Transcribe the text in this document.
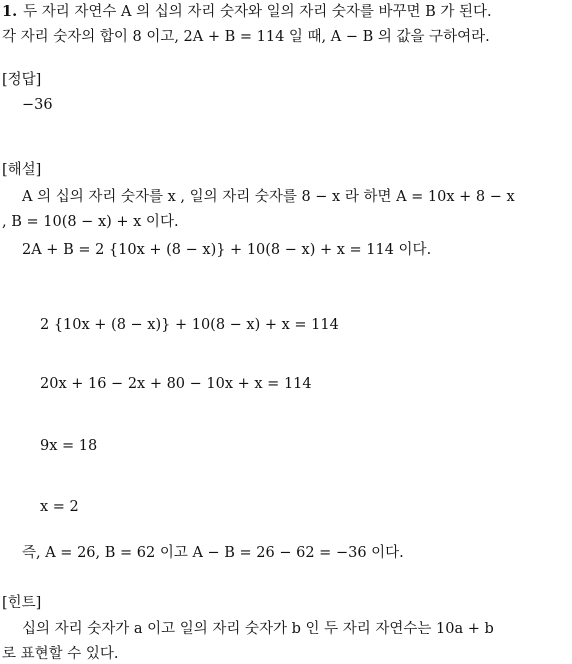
1. 두 자리 자연수 A 의 십의 자리 숫자와 일의 자리 숫자를 바꾸면 B 가 된다.
각 자리 숫자의 합이 8 이고, 2A + B = 114 일 때, A − B 의 값을 구하여라.
[정답]
−36
[해설]
A 의 십의 자리 숫자를 x , 일의 자리 숫자를 8 − x 라 하면 A = 10x + 8 − x
, B = 10(8 − x) + x 이다.
2A + B = 2 {10x + (8 − x)} + 10(8 − x) + x = 114 이다.
2 {10x + (8 − x)} + 10(8 − x) + x = 114
20x + 16 − 2x + 80 − 10x + x = 114
9x = 18
x = 2
즉, A = 26, B = 62 이고 A − B = 26 − 62 = −36 이다.
[힌트]
십의 자리 숫자가 a 이고 일의 자리 숫자가 b 인 두 자리 자연수는 10a + b
로 표현할 수 있다.
